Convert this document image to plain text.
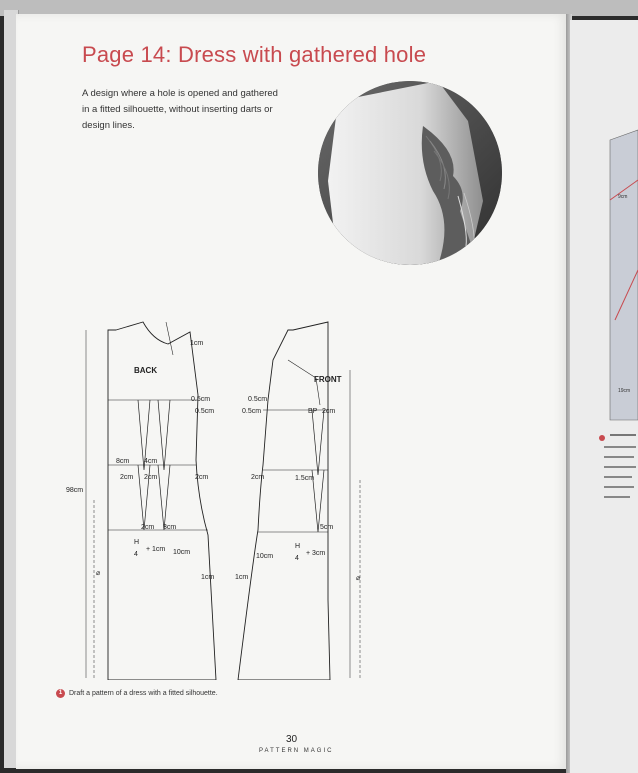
Page 14: Dress with gathered hole
A design where a hole is opened and gathered
in a fitted silhouette, without inserting darts or
design lines.
BACK
FRONT
1cm
0.5cm
0.5cm
0.5cm
0.5cm	BP 2cm
8cm 4cm
2cm 2cm	2cm	2cm	1.5cm
98cm
2cm 3cm	5cm
H
4
+ 1cm 10cm
10cm
H
4
+ 3cm
1cm	1cm
⌀
⌀
1 Draft a pattern of a dress with a fitted silhouette.
30
PATTERN MAGIC
9cm
19cm
